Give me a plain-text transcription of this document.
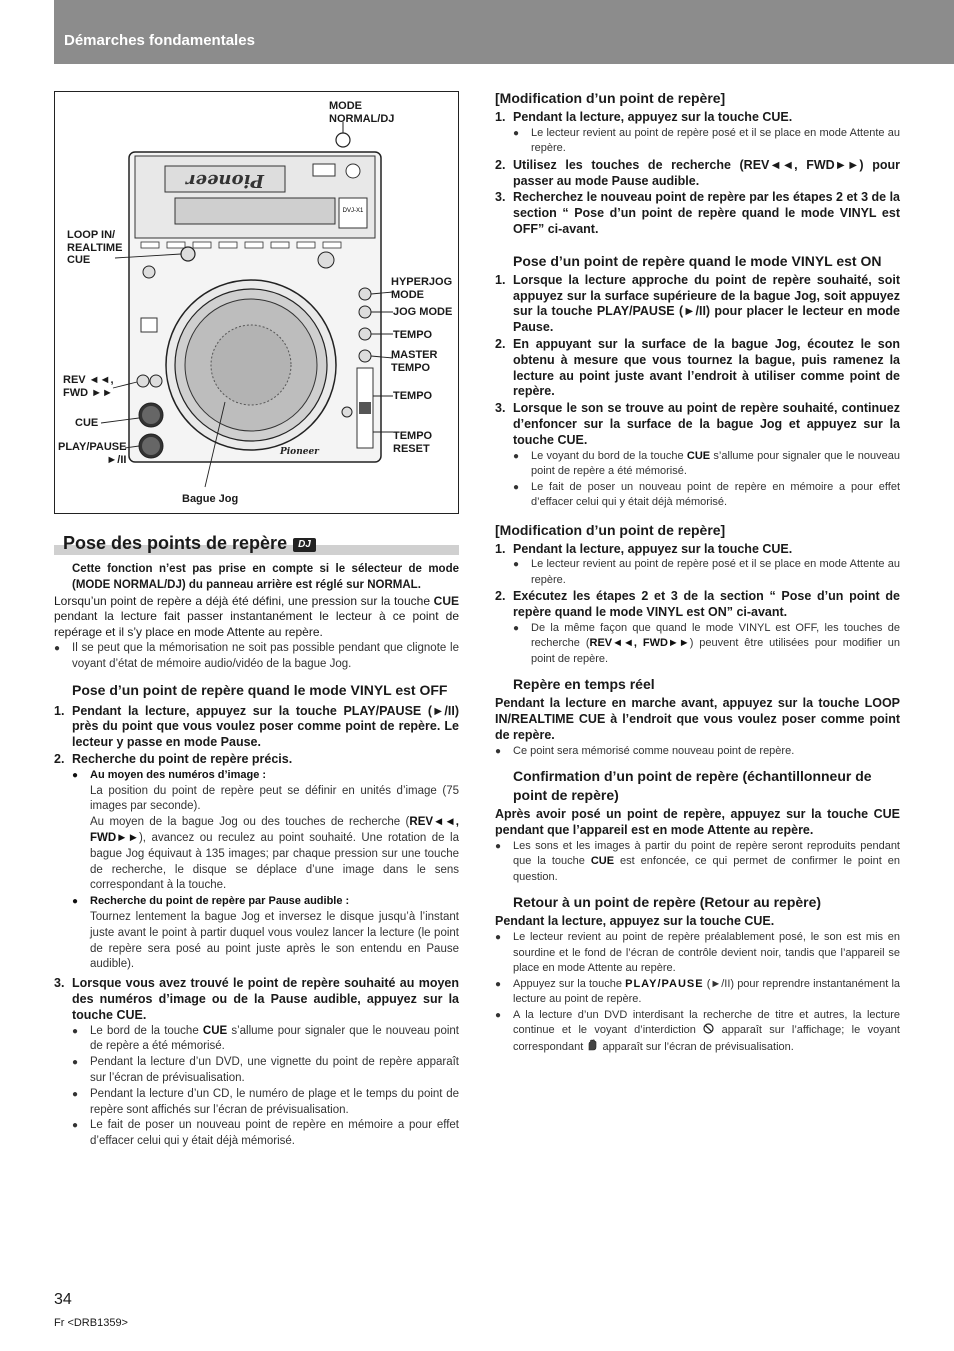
Démarches fondamentales
Pioneer
DVJ-X1
Pioneer
MODE
NORMAL/DJ
LOOP IN/
REALTIME
CUE
HYPERJOG
MODE
JOG MODE
TEMPO
MASTER
TEMPO
REV ◄◄,
FWD ►►	TEMPO
CUE
TEMPO
RESET
PLAY/PAUSE
►/II
Bague Jog
Pose des points de repère DJ

Cette fonction n’est pas prise en compte si le sélecteur de mode (MODE NORMAL/DJ) du panneau arrière est réglé sur NORMAL.

Lorsqu’un point de repère a déjà été défini, une pression sur la touche CUE pendant la lecture fait passer instantanément le lecteur à ce point de repérage et il s’y place en mode Attente au repère.

● Il se peut que la mémorisation ne soit pas possible pendant que clignote le voyant d’état de mémoire audio/vidéo de la bague Jog.

Pose d’un point de repère quand le mode VINYL est OFF

1. Pendant la lecture, appuyez sur la touche PLAY/PAUSE (►/II) près du point que vous voulez poser comme point de repère. Le lecteur y passe en mode Pause.
2. Recherche du point de repère précis.

● Au moyen des numéros d’image :

La position du point de repère peut se définir en unités d’image (75 images par seconde).

Au moyen de la bague Jog ou des touches de recherche (REV◄◄, FWD►►), avancez ou reculez au point souhaité. Une rotation de la bague Jog équivaut à 135 images; par chaque pression sur une touche de recherche, le disque se déplace d’une image dans le sens correspondant à la touche.

● Recherche du point de repère par Pause audible :

Tournez lentement la bague Jog et inversez le disque jusqu’à l’instant juste avant le point à partir duquel vous voulez lancer la lecture (le point de repère sera posé au point juste après le son entendu en Pause audible).

3. Lorsque vous avez trouvé le point de repère souhaité au moyen des numéros d’image ou de la Pause audible, appuyez sur la touche CUE.

● Le bord de la touche CUE s’allume pour signaler que le nouveau point de repère a été mémorisé.

● Pendant la lecture d’un DVD, une vignette du point de repère apparaît sur l’écran de prévisualisation.

● Pendant la lecture d’un CD, le numéro de plage et le temps du point de repère sont affichés sur l’écran de prévisualisation.

● Le fait de poser un nouveau point de repère en mémoire a pour effet d’effacer celui qui y était déjà mémorisé.

[Modification d’un point de repère]

1. Pendant la lecture, appuyez sur la touche CUE.

● Le lecteur revient au point de repère posé et il se place en mode Attente au repère.

2. Utilisez les touches de recherche (REV◄◄, FWD►►) pour passer au mode Pause audible.
3. Recherchez le nouveau point de repère par les étapes 2 et 3 de la section “ Pose d’un point de repère quand le mode VINYL est OFF” ci-avant.

Pose d’un point de repère quand le mode VINYL est ON

1. Lorsque la lecture approche du point de repère souhaité, soit appuyez sur la surface supérieure de la bague Jog, soit appuyez sur la touche PLAY/PAUSE (►/II) pour placer le lecteur en mode Pause.
2. En appuyant sur la surface de la bague Jog, écoutez le son obtenu à mesure que vous tournez la bague, puis ramenez la lecture au point juste avant l’endroit à utiliser comme point de repère.
3. Lorsque le son se trouve au point de repère souhaité, continuez d’enfoncer sur la surface de la bague Jog et appuyez sur la touche CUE.

● Le voyant du bord de la touche CUE s’allume pour signaler que le nouveau point de repère a été mémorisé.

● Le fait de poser un nouveau point de repère en mémoire a pour effet d’effacer celui qui y était déjà mémorisé.

[Modification d’un point de repère]

1. Pendant la lecture, appuyez sur la touche CUE.

● Le lecteur revient au point de repère posé et il se place en mode Attente au repère.

2. Exécutez les étapes 2 et 3 de la section “ Pose d’un point de repère quand le mode VINYL est ON” ci-avant.

● De la même façon que quand le mode VINYL est OFF, les touches de recherche (REV◄◄, FWD►►) peuvent être utilisées pour modifier un point de repère.

Repère en temps réel

Pendant la lecture en marche avant, appuyez sur la touche LOOP IN/REALTIME CUE à l’endroit que vous voulez poser comme point de repère.

● Ce point sera mémorisé comme nouveau point de repère.

Confirmation d’un point de repère (échantillonneur de point de repère)

Après avoir posé un point de repère, appuyez sur la touche CUE pendant que l’appareil est en mode Attente au repère.

● Les sons et les images à partir du point de repère seront reproduits pendant que la touche CUE est enfoncée, ce qui permet de confirmer le point en question.

Retour à un point de repère (Retour au repère)

Pendant la lecture, appuyez sur la touche CUE.

● Le lecteur revient au point de repère préalablement posé, le son est mis en sourdine et le fond de l’écran de contrôle devient noir, tandis que l’appareil se place en mode Attente au repère.

● Appuyez sur la touche PLAY/PAUSE (►/II) pour reprendre instantanément la lecture au point de repère.

● A la lecture d’un DVD interdisant la recherche de titre et autres, la lecture continue et le voyant d’interdiction  apparaît sur l’affichage; le voyant correspondant  apparaît sur l’écran de prévisualisation.

34
Fr <DRB1359>
